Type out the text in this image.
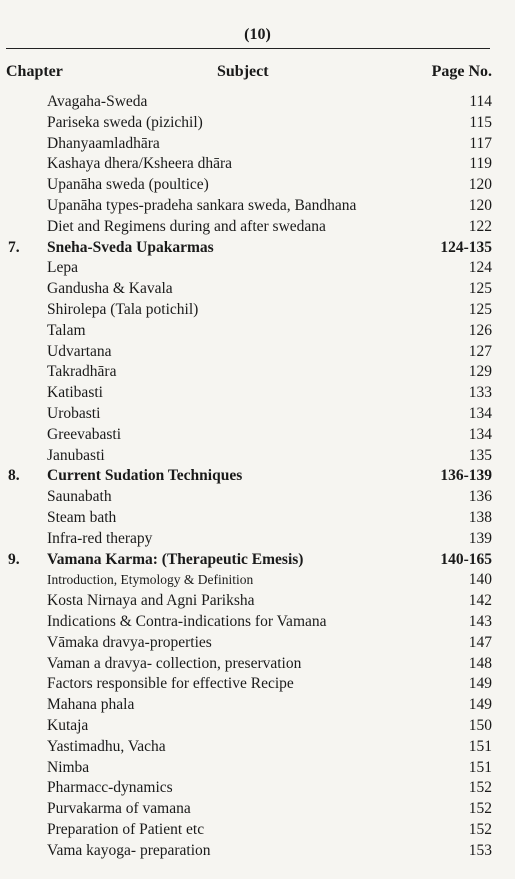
(10)
Chapter	Subject	Page No.
Avagaha-Sweda	114
Pariseka sweda (pizichil)	115
Dhanyaamladhāra	117
Kashaya dhera/Ksheera dhāra	119
Upanāha sweda (poultice)	120
Upanāha types-pradeha sankara sweda, Bandhana	120
Diet and Regimens during and after swedana	122
7. Sneha-Sveda Upakarmas	124-135
Lepa	124
Gandusha & Kavala	125
Shirolepa (Tala potichil)	125
Talam	126
Udvartana	127
Takradhāra	129
Katibasti	133
Urobasti	134
Greevabasti	134
Janubasti	135
8. Current Sudation Techniques	136-139
Saunabath	136
Steam bath	138
Infra-red therapy	139
9. Vamana Karma: (Therapeutic Emesis)	140-165
Introduction, Etymology & Definition	140
Kosta Nirnaya and Agni Pariksha	142
Indications & Contra-indications for Vamana	143
Vāmaka dravya-properties	147
Vaman a dravya- collection, preservation	148
Factors responsible for effective Recipe	149
Mahana phala	149
Kutaja	150
Yastimadhu, Vacha	151
Nimba	151
Pharmacc-dynamics	152
Purvakarma of vamana	152
Preparation of Patient etc	152
Vama kayoga- preparation	153
